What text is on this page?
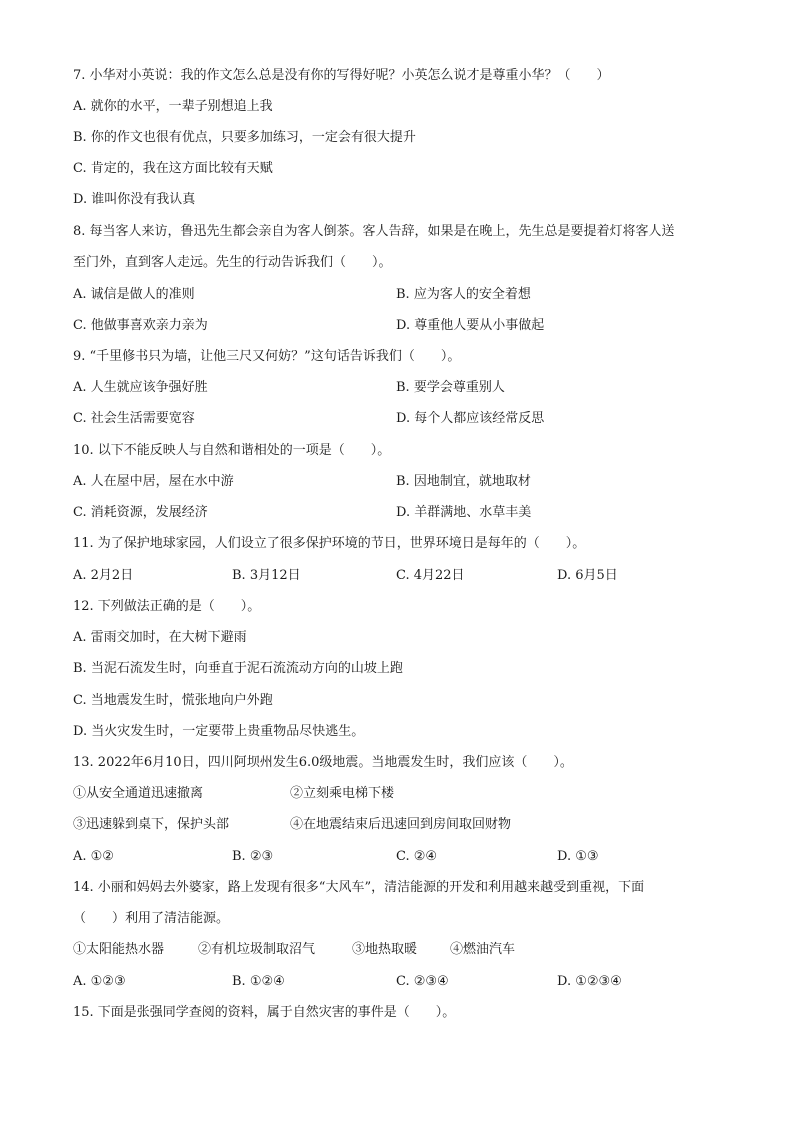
7. 小华对小英说：我的作文怎么总是没有你的写得好呢？小英怎么说才是尊重小华？（　　）
A. 就你的水平，一辈子别想追上我
B. 你的作文也很有优点，只要多加练习，一定会有很大提升
C. 肯定的，我在这方面比较有天赋
D. 谁叫你没有我认真
8. 每当客人来访，鲁迅先生都会亲自为客人倒茶。客人告辞，如果是在晚上，先生总是要提着灯将客人送
至门外，直到客人走远。先生的行动告诉我们（　　）。
A. 诚信是做人的准则	B. 应为客人的安全着想
C. 他做事喜欢亲力亲为	D. 尊重他人要从小事做起
9. “千里修书只为墙，让他三尺又何妨？”这句话告诉我们（　　）。
A. 人生就应该争强好胜	B. 要学会尊重别人
C. 社会生活需要宽容	D. 每个人都应该经常反思
10. 以下不能反映人与自然和谐相处的一项是（　　）。
A. 人在屋中居，屋在水中游	B. 因地制宜，就地取材
C. 消耗资源，发展经济	D. 羊群满地、水草丰美
11. 为了保护地球家园，人们设立了很多保护环境的节日，世界环境日是每年的（　　）。
A. 2月2日	B. 3月12日	C. 4月22日	D. 6月5日
12. 下列做法正确的是（　　）。
A. 雷雨交加时，在大树下避雨
B. 当泥石流发生时，向垂直于泥石流流动方向的山坡上跑
C. 当地震发生时，慌张地向户外跑
D. 当火灾发生时，一定要带上贵重物品尽快逃生。
13. 2022年6月10日，四川阿坝州发生6.0级地震。当地震发生时，我们应该（　　）。
①从安全通道迅速撤离	②立刻乘电梯下楼
③迅速躲到桌下，保护头部	④在地震结束后迅速回到房间取回财物
A. ①②	B. ②③	C. ②④	D. ①③
14. 小丽和妈妈去外婆家，路上发现有很多“大风车”，清洁能源的开发和利用越来越受到重视，下面
（　　）利用了清洁能源。
①太阳能热水器	②有机垃圾制取沼气	③地热取暖	④燃油汽车
A. ①②③	B. ①②④	C. ②③④	D. ①②③④
15. 下面是张强同学查阅的资料，属于自然灾害的事件是（　　）。
